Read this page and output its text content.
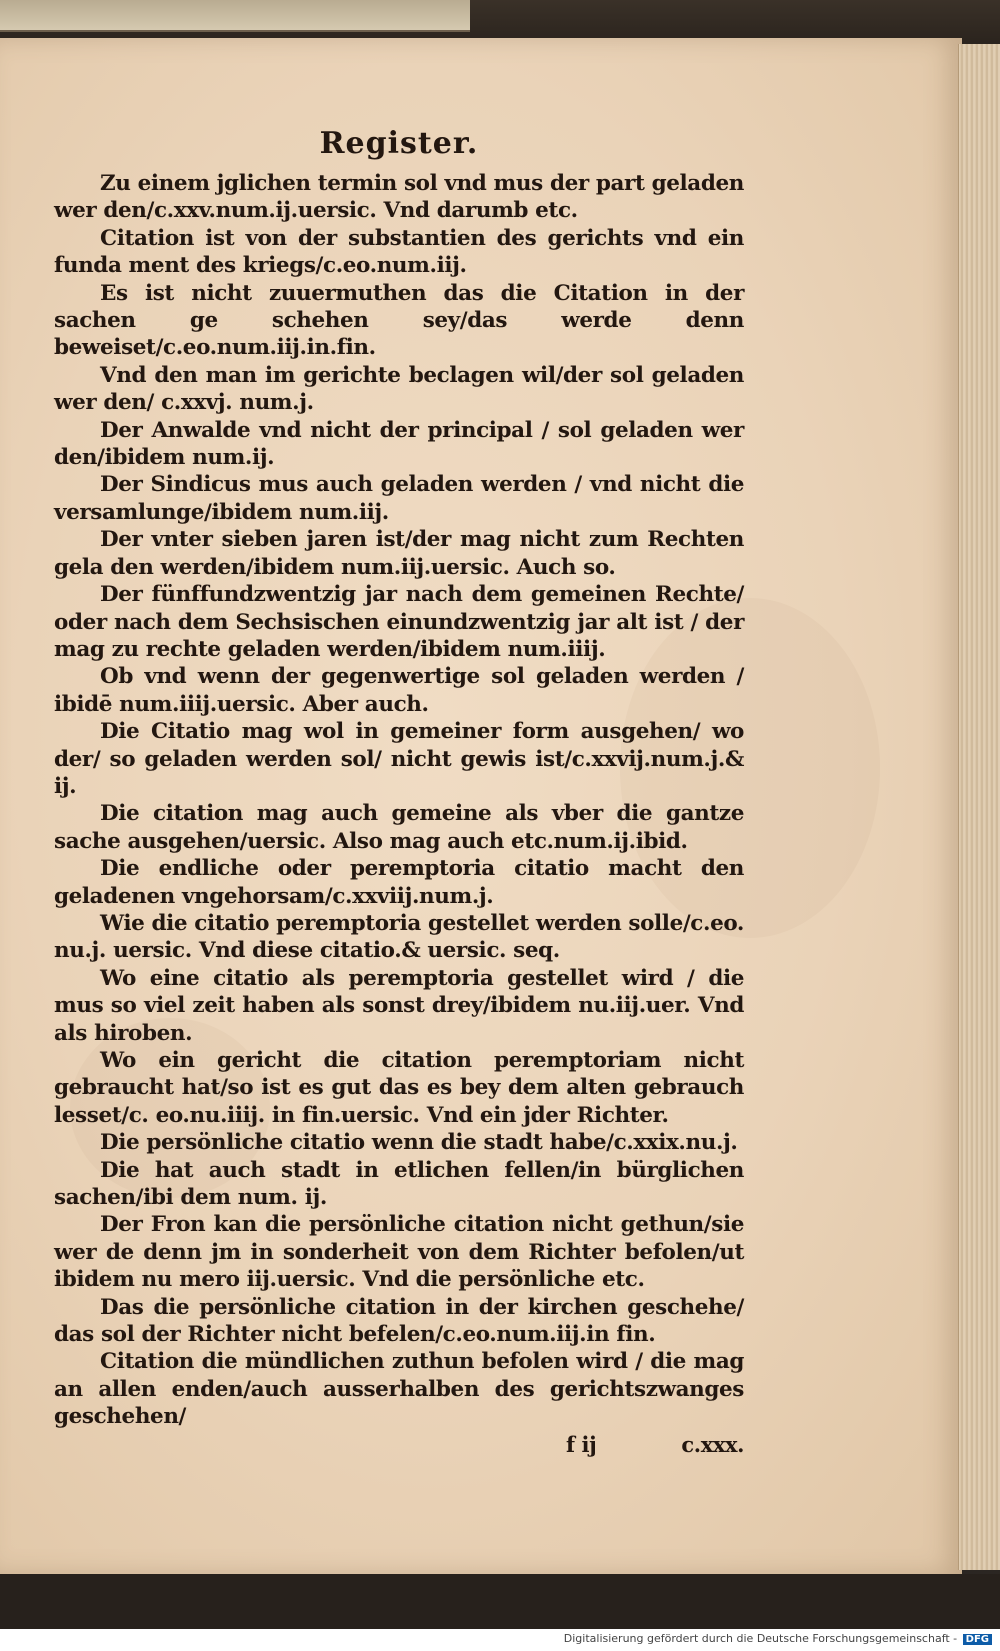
Register.

Zu einem jglichen termin sol vnd mus der part geladen wer den/c.xxv.num.ij.uersic. Vnd darumb etc.

Citation ist von der substantien des gerichts vnd ein funda ment des kriegs/c.eo.num.iij.

Es ist nicht zuuermuthen das die Citation in der sachen ge schehen sey/das werde denn beweiset/c.eo.num.iij.in.fin.

Vnd den man im gerichte beclagen wil/der sol geladen wer den/ c.xxvj. num.j.

Der Anwalde vnd nicht der principal / sol geladen wer den/ibidem num.ij.

Der Sindicus mus auch geladen werden / vnd nicht die versamlunge/ibidem num.iij.

Der vnter sieben jaren ist/der mag nicht zum Rechten gela den werden/ibidem num.iij.uersic. Auch so.

Der fünffundzwentzig jar nach dem gemeinen Rechte/ oder nach dem Sechsischen einundzwentzig jar alt ist / der mag zu rechte geladen werden/ibidem num.iiij.

Ob vnd wenn der gegenwertige sol geladen werden / ibidē num.iiij.uersic. Aber auch.

Die Citatio mag wol in gemeiner form ausgehen/ wo der/ so geladen werden sol/ nicht gewis ist/c.xxvij.num.j.& ij.

Die citation mag auch gemeine als vber die gantze sache ausgehen/uersic. Also mag auch etc.num.ij.ibid.

Die endliche oder peremptoria citatio macht den geladenen vngehorsam/c.xxviij.num.j.

Wie die citatio peremptoria gestellet werden solle/c.eo. nu.j. uersic. Vnd diese citatio.& uersic. seq.

Wo eine citatio als peremptoria gestellet wird / die mus so viel zeit haben als sonst drey/ibidem nu.iij.uer. Vnd als hiroben.

Wo ein gericht die citation peremptoriam nicht gebraucht hat/so ist es gut das es bey dem alten gebrauch lesset/c. eo.nu.iiij. in fin.uersic. Vnd ein jder Richter.

Die persönliche citatio wenn die stadt habe/c.xxix.nu.j.

Die hat auch stadt in etlichen fellen/in bürglichen sachen/ibi dem num. ij.

Der Fron kan die persönliche citation nicht gethun/sie wer de denn jm in sonderheit von dem Richter befolen/ut ibidem nu mero iij.uersic. Vnd die persönliche etc.

Das die persönliche citation in der kirchen geschehe/ das sol der Richter nicht befelen/c.eo.num.iij.in fin.

Citation die mündlichen zuthun befolen wird / die mag an allen enden/auch ausserhalben des gerichtszwanges geschehen/

f ij	c.xxx.
Digitalisierung gefördert durch die Deutsche Forschungsgemeinschaft - DFG
